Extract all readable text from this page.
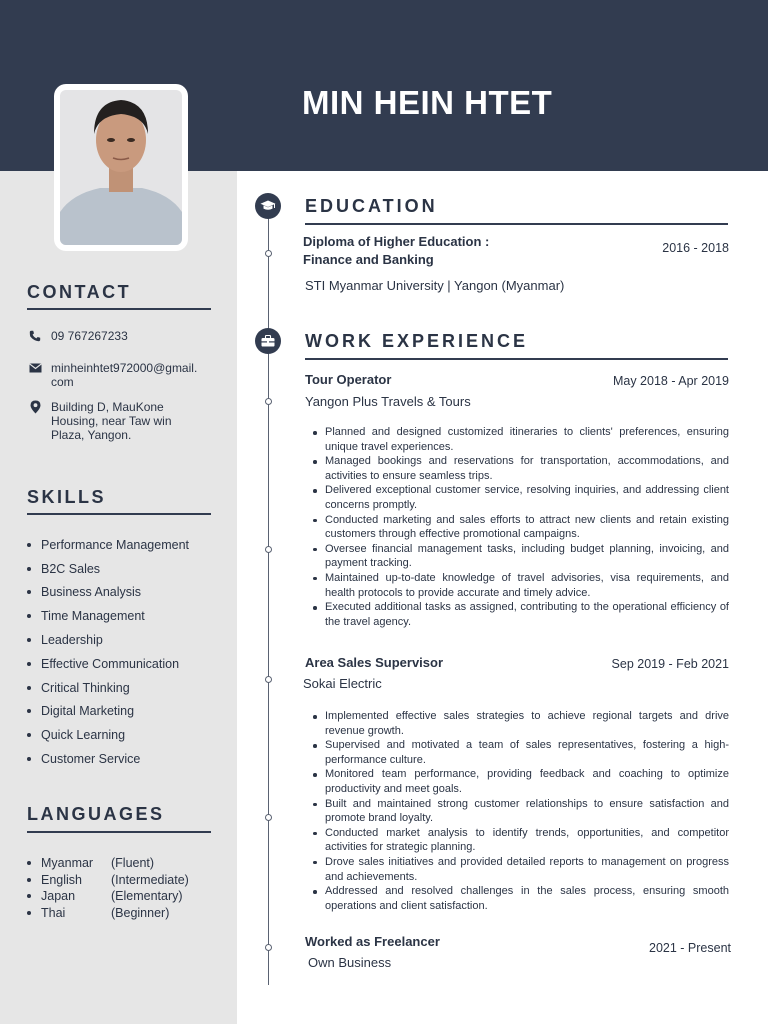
MIN HEIN HTET
CONTACT
09 767267233
minheinhtet972000@gmail.
com
Building D, MauKone
Housing, near Taw win
Plaza, Yangon.
SKILLS
Performance Management
B2C Sales
Business Analysis
Time Management
Leadership
Effective Communication
Critical Thinking
Digital Marketing
Quick Learning
Customer Service
LANGUAGES
Myanmar	(Fluent)
English	(Intermediate)
Japan	(Elementary)
Thai	(Beginner)
EDUCATION
Diploma of Higher Education :
Finance and Banking
2016 - 2018
STI Myanmar University | Yangon (Myanmar)
WORK EXPERIENCE
Tour Operator	May 2018 - Apr 2019
Yangon Plus Travels & Tours
Planned and designed customized itineraries to clients' preferences, ensuring unique travel experiences.
Managed bookings and reservations for transportation, accommodations, and activities to ensure seamless trips.
Delivered exceptional customer service, resolving inquiries, and addressing client concerns promptly.
Conducted marketing and sales efforts to attract new clients and retain existing customers through effective promotional campaigns.
Oversee financial management tasks, including budget planning, invoicing, and payment tracking.
Maintained up-to-date knowledge of travel advisories, visa requirements, and health protocols to provide accurate and timely advice.
Executed additional tasks as assigned, contributing to the operational efficiency of the travel agency.
Area Sales Supervisor	Sep 2019 - Feb 2021
Sokai Electric
Implemented effective sales strategies to achieve regional targets and drive revenue growth.
Supervised and motivated a team of sales representatives, fostering a high-performance culture.
Monitored team performance, providing feedback and coaching to optimize productivity and meet goals.
Built and maintained strong customer relationships to ensure satisfaction and promote brand loyalty.
Conducted market analysis to identify trends, opportunities, and competitor activities for strategic planning.
Drove sales initiatives and provided detailed reports to management on progress and achievements.
Addressed and resolved challenges in the sales process, ensuring smooth operations and client satisfaction.
Worked as Freelancer	2021 - Present
Own Business
